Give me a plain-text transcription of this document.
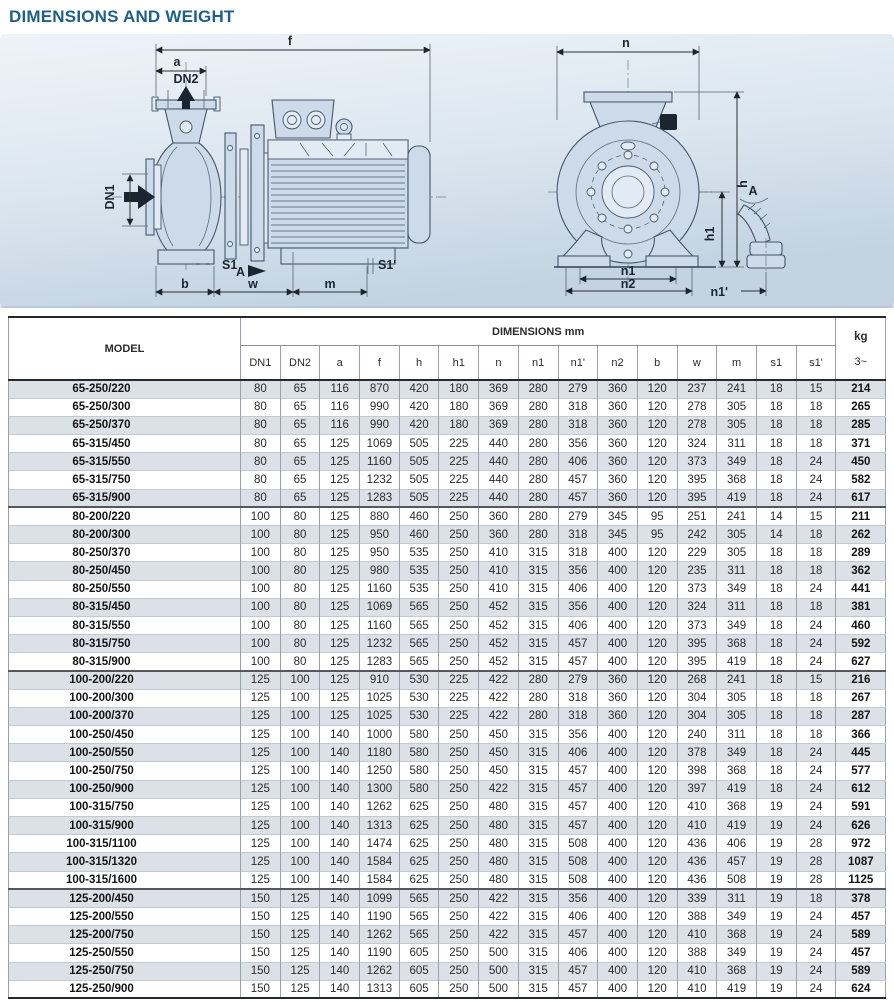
DIMENSIONS AND WEIGHT
f
a
DN2
DN1
S1
A	S1'
b	w	m
n
h
h1
n1
n2
A
n1'
MODEL	DIMENSIONS mm															kg
3~

	DN1	DN2	a	f	h	h1	n	n1	n1'	n2	b	w	m	s1	s1'	
65-250/220	80	65	116	870	420	180	369	280	279	360	120	237	241	18	15	214
65-250/300	80	65	116	990	420	180	369	280	318	360	120	278	305	18	18	265
65-250/370	80	65	116	990	420	180	369	280	318	360	120	278	305	18	18	285
65-315/450	80	65	125	1069	505	225	440	280	356	360	120	324	311	18	18	371
65-315/550	80	65	125	1160	505	225	440	280	406	360	120	373	349	18	24	450
65-315/750	80	65	125	1232	505	225	440	280	457	360	120	395	368	18	24	582
65-315/900	80	65	125	1283	505	225	440	280	457	360	120	395	419	18	24	617
80-200/220	100	80	125	880	460	250	360	280	279	345	95	251	241	14	15	211
80-200/300	100	80	125	950	460	250	360	280	318	345	95	242	305	14	18	262
80-250/370	100	80	125	950	535	250	410	315	318	400	120	229	305	18	18	289
80-250/450	100	80	125	980	535	250	410	315	356	400	120	235	311	18	18	362
80-250/550	100	80	125	1160	535	250	410	315	406	400	120	373	349	18	24	441
80-315/450	100	80	125	1069	565	250	452	315	356	400	120	324	311	18	18	381
80-315/550	100	80	125	1160	565	250	452	315	406	400	120	373	349	18	24	460
80-315/750	100	80	125	1232	565	250	452	315	457	400	120	395	368	18	24	592
80-315/900	100	80	125	1283	565	250	452	315	457	400	120	395	419	18	24	627
100-200/220	125	100	125	910	530	225	422	280	279	360	120	268	241	18	15	216
100-200/300	125	100	125	1025	530	225	422	280	318	360	120	304	305	18	18	267
100-200/370	125	100	125	1025	530	225	422	280	318	360	120	304	305	18	18	287
100-250/450	125	100	140	1000	580	250	450	315	356	400	120	240	311	18	18	366
100-250/550	125	100	140	1180	580	250	450	315	406	400	120	378	349	18	24	445
100-250/750	125	100	140	1250	580	250	450	315	457	400	120	398	368	18	24	577
100-250/900	125	100	140	1300	580	250	422	315	457	400	120	397	419	18	24	612
100-315/750	125	100	140	1262	625	250	480	315	457	400	120	410	368	19	24	591
100-315/900	125	100	140	1313	625	250	480	315	457	400	120	410	419	19	24	626
100-315/1100	125	100	140	1474	625	250	480	315	508	400	120	436	406	19	28	972
100-315/1320	125	100	140	1584	625	250	480	315	508	400	120	436	457	19	28	1087
100-315/1600	125	100	140	1584	625	250	480	315	508	400	120	436	508	19	28	1125
125-200/450	150	125	140	1099	565	250	422	315	356	400	120	339	311	19	18	378
125-200/550	150	125	140	1190	565	250	422	315	406	400	120	388	349	19	24	457
125-200/750	150	125	140	1262	565	250	422	315	457	400	120	410	368	19	24	589
125-250/550	150	125	140	1190	605	250	500	315	406	400	120	388	349	19	24	457
125-250/750	150	125	140	1262	605	250	500	315	457	400	120	410	368	19	24	589
125-250/900	150	125	140	1313	605	250	500	315	457	400	120	410	419	19	24	624
